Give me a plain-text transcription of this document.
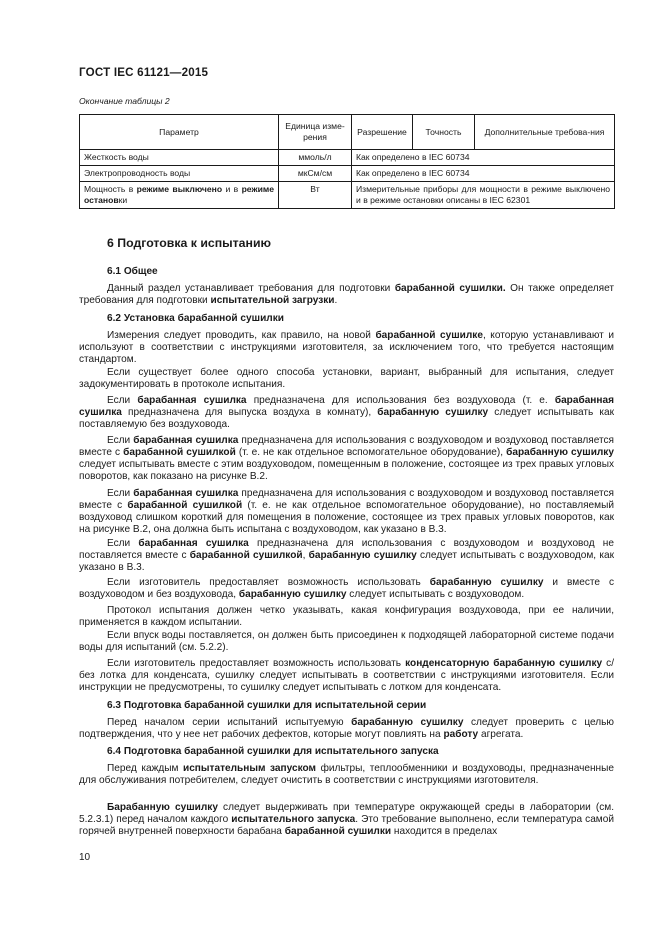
ГОСТ IEC 61121—2015
Окончание таблицы 2
Параметр	Единица изме-рения	Разрешение	Точность	Дополнительные требова-ния
Жесткость воды	ммоль/л	Как определено в IEC 60734		
Электропроводность воды	мкСм/см	Как определено в IEC 60734		
Мощность в режиме выключено и в режиме остановки	Вт	Измерительные приборы для мощности в режиме выключено и в режиме остановки описаны в IEC 62301		
6 Подготовка к испытанию
6.1 Общее

Данный раздел устанавливает требования для подготовки барабанной сушилки. Он также определяет требования для подготовки испытательной загрузки.

6.2 Установка барабанной сушилки

Измерения следует проводить, как правило, на новой барабанной сушилке, которую устанавливают и используют в соответствии с инструкциями изготовителя, за исключением того, что требуется настоящим стандартом.

Если существует более одного способа установки, вариант, выбранный для испытания, следует задокументировать в протоколе испытания.

Если барабанная сушилка предназначена для использования без воздуховода (т. е. барабанная сушилка предназначена для выпуска воздуха в комнату), барабанную сушилку следует испытывать как поставляемую без воздуховода.

Если барабанная сушилка предназначена для использования с воздуховодом и воздуховод поставляется вместе с барабанной сушилкой (т. е. не как отдельное вспомогательное оборудование), барабанную сушилку следует испытывать вместе с этим воздуховодом, помещенным в положение, состоящее из трех правых угловых поворотов, как показано на рисунке В.2.

Если барабанная сушилка предназначена для использования с воздуховодом и воздуховод поставляется вместе с барабанной сушилкой (т. е. не как отдельное вспомогательное оборудование), но поставляемый воздуховод слишком короткий для помещения в положение, состоящее из трех правых угловых поворотов, как на рисунке В.2, она должна быть испытана с воздуховодом, как указано в В.3.

Если барабанная сушилка предназначена для использования с воздуховодом и воздуховод не поставляется вместе с барабанной сушилкой, барабанную сушилку следует испытывать с воздуховодом, как указано в В.3.

Если изготовитель предоставляет возможность использовать барабанную сушилку и вместе с воздуховодом и без воздуховода, барабанную сушилку следует испытывать с воздуховодом.

Протокол испытания должен четко указывать, какая конфигурация воздуховода, при ее наличии, применяется в каждом испытании.

Если впуск воды поставляется, он должен быть присоединен к подходящей лабораторной системе подачи воды для испытаний (см. 5.2.2).

Если изготовитель предоставляет возможность использовать конденсаторную барабанную сушилку с/без лотка для конденсата, сушилку следует испытывать в соответствии с инструкциями изготовителя. Если инструкции не предусмотрены, то сушилку следует испытывать с лотком для конденсата.

6.3 Подготовка барабанной сушилки для испытательной серии

Перед началом серии испытаний испытуемую барабанную сушилку следует проверить с целью подтверждения, что у нее нет рабочих дефектов, которые могут повлиять на работу агрегата.

6.4 Подготовка барабанной сушилки для испытательного запуска

Перед каждым испытательным запуском фильтры, теплообменники и воздуховоды, предназначенные для обслуживания потребителем, следует очистить в соответствии с инструкциями изготовителя.

Барабанную сушилку следует выдерживать при температуре окружающей среды в лаборатории (см. 5.2.3.1) перед началом каждого испытательного запуска. Это требование выполнено, если температура самой горячей внутренней поверхности барабана барабанной сушилки находится в пределах

10
